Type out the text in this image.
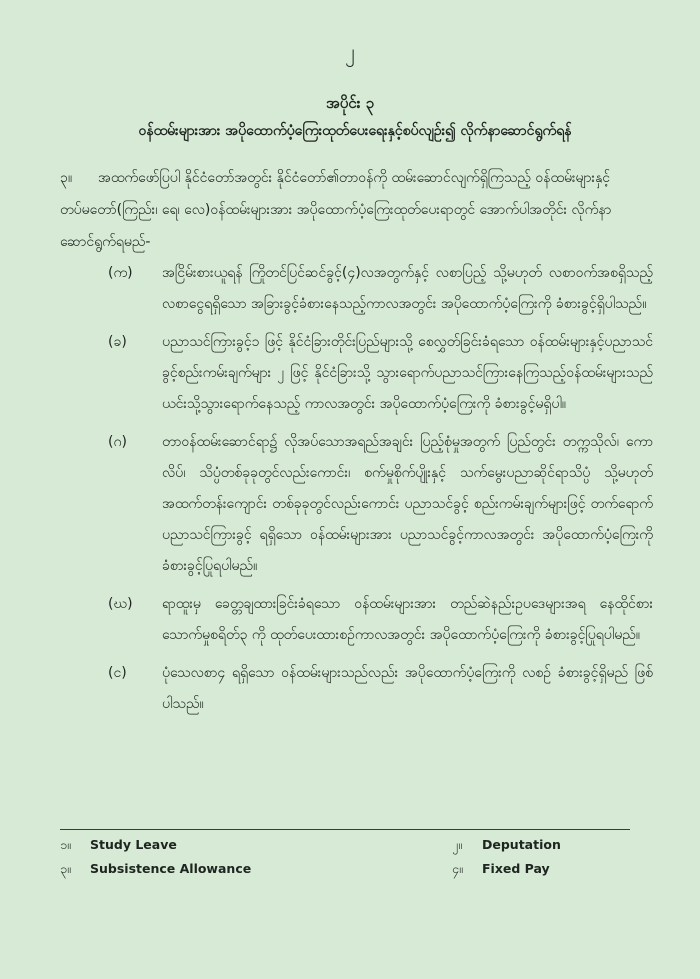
၂
အပိုင်း ၃
ဝန်ထမ်းများအား အပိုထောက်ပံ့ကြေးထုတ်ပေးရေးနှင့်စပ်လျဉ်း၍ လိုက်နာဆောင်ရွက်ရန်
၃။ အထက်ဖော်ပြပါ နိုင်ငံတော်အတွင်း နိုင်ငံတော်၏တာဝန်ကို ထမ်းဆောင်လျက်ရှိကြသည့် ဝန်ထမ်းများနှင့် တပ်မတော်(ကြည်း၊ ရေ၊ လေ)ဝန်ထမ်းများအား အပိုထောက်ပံ့ကြေးထုတ်ပေးရာတွင် အောက်ပါအတိုင်း လိုက်နာဆောင်ရွက်ရမည်-
(က)	အငြိမ်းစားယူရန် ကြိုတင်ပြင်ဆင်ခွင့်(၄)လအတွက်နှင့် လစာပြည့် သို့မဟုတ် လစာဝက်အစရှိသည့် လစာငွေရရှိသော အခြားခွင့်ခံစားနေသည့်ကာလအတွင်း အပိုထောက်ပံ့ကြေးကို ခံစားခွင့်ရှိပါသည်။
(ခ)	ပညာသင်ကြားခွင့်၁ ဖြင့် နိုင်ငံခြားတိုင်းပြည်များသို့ စေလွှတ်ခြင်းခံရသော ဝန်ထမ်းများနှင့်ပညာသင်ခွင့်စည်းကမ်းချက်များ ၂ ဖြင့် နိုင်ငံခြားသို့ သွားရောက်ပညာသင်ကြားနေကြသည့်ဝန်ထမ်းများသည် ယင်းသို့သွားရောက်နေသည့် ကာလအတွင်း အပိုထောက်ပံ့ကြေးကို ခံစားခွင့်မရှိပါ။
(ဂ)	တာဝန်ထမ်းဆောင်ရာ၌ လိုအပ်သောအရည်အချင်း ပြည့်စုံမှုအတွက် ပြည်တွင်း တက္ကသိုလ်၊ ကောလိပ်၊ သိပ္ပံတစ်ခုခုတွင်လည်းကောင်း၊ စက်မှုစိုက်ပျိုးနှင့် သက်မွေးပညာဆိုင်ရာသိပ္ပံ သို့မဟုတ် အထက်တန်းကျောင်း တစ်ခုခုတွင်လည်းကောင်း ပညာသင်ခွင့် စည်းကမ်းချက်များဖြင့် တက်ရောက်ပညာသင်ကြားခွင့် ရရှိသော ဝန်ထမ်းများအား ပညာသင်ခွင့်ကာလအတွင်း အပိုထောက်ပံ့ကြေးကို ခံစားခွင့်ပြုရပါမည်။
(ဃ)	ရာထူးမှ ခေတ္တချထားခြင်းခံရသော ဝန်ထမ်းများအား တည်ဆဲနည်းဥပဒေများအရ နေထိုင်စားသောက်မှုစရိတ်၃ ကို ထုတ်ပေးထားစဉ်ကာလအတွင်း အပိုထောက်ပံ့ကြေးကို ခံစားခွင့်ပြုရပါမည်။
(င)	ပုံသေလစာ၄ ရရှိသော ဝန်ထမ်းများသည်လည်း အပိုထောက်ပံ့ကြေးကို လစဉ် ခံစားခွင့်ရှိမည် ဖြစ်ပါသည်။
၁။ Study Leave	၂။ Deputation
၃။ Subsistence Allowance	၄။ Fixed Pay
